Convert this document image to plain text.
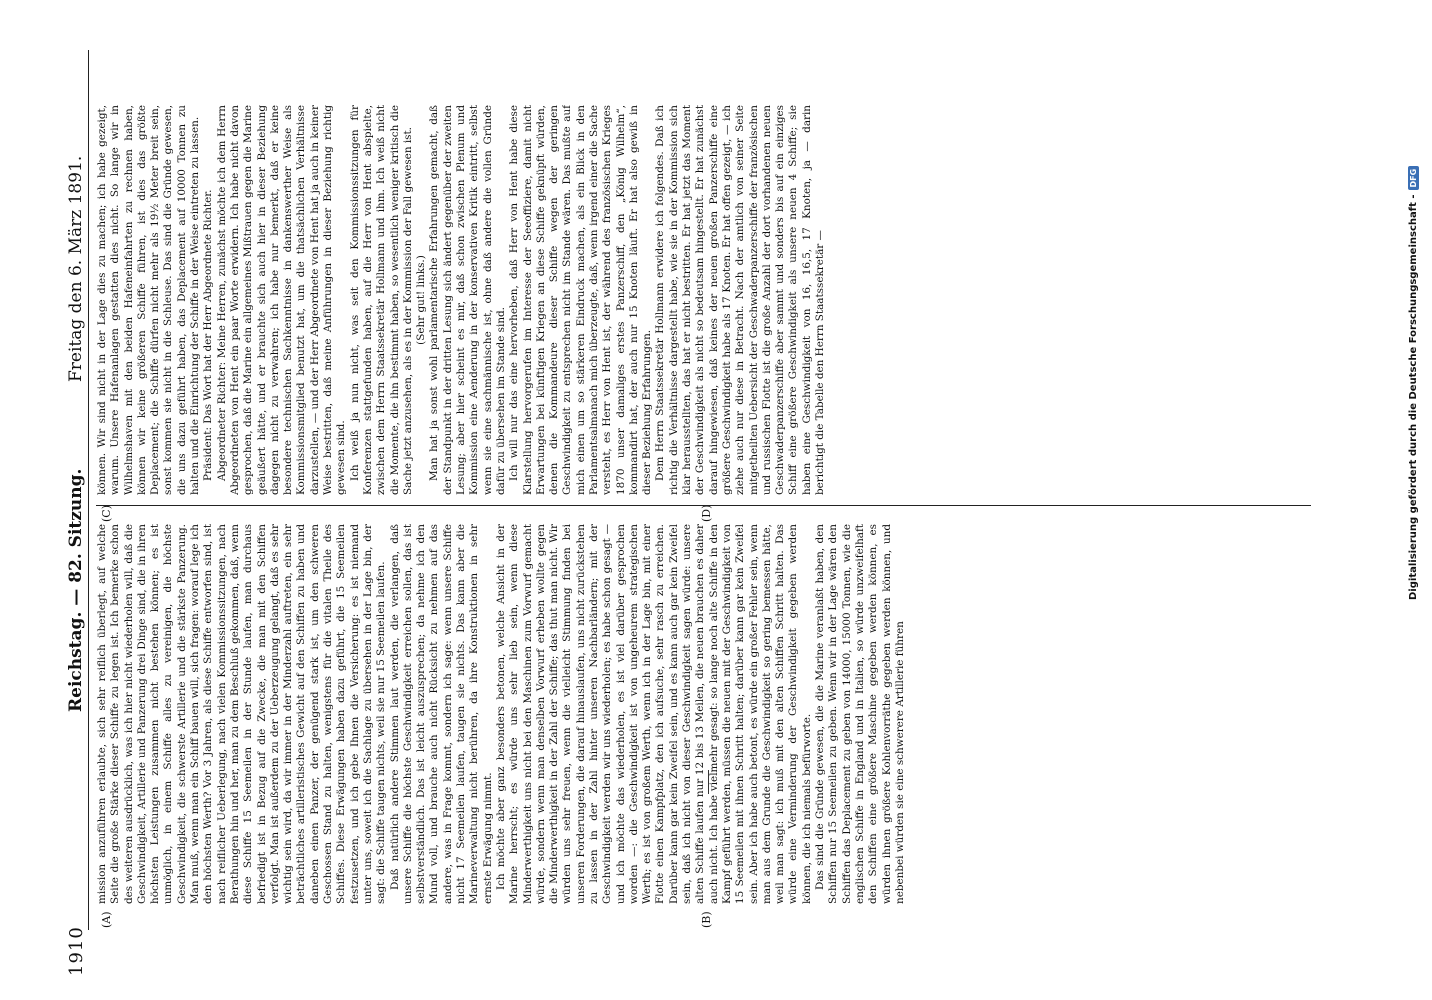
1910
Reichstag. — 82. Sitzung.
Freitag den 6. März 1891.
(A)	(B)
(C)	(D)

mission anzuführen erlaubte, sich sehr reiflich überlegt, auf welche Seite die große Stärke dieser Schiffe zu legen ist. Ich bemerke schon des weiteren ausdrücklich, was ich hier nicht wiederholen will, daß die Geschwindigkeit, Artillerie und Panzerung drei Dinge sind, die in ihren höchsten Leistungen zusammen nicht bestehen können; es ist unmöglich, in einem Schiffe alles zu vereinigen, die höchste Geschwindigkeit, die schwerste Artillerie und die stärkste Panzerung. Man muß, wenn man ein Schiff bauen will, sich fragen: worauf lege ich den höchsten Werth? Vor 3 Jahren, als diese Schiffe entworfen sind, ist nach reiflicher Ueberlegung, nach vielen Kommissionssitzungen, nach Berathungen hin und her, man zu dem Beschluß gekommen, daß, wenn diese Schiffe 15 Seemeilen in der Stunde laufen, man durchaus befriedigt ist in Bezug auf die Zwecke, die man mit den Schiffen verfolgt. Man ist außerdem zu der Ueberzeugung gelangt, daß es sehr wichtig sein wird, da wir immer in der Minderzahl auftreten, ein sehr beträchtliches artilleristisches Gewicht auf den Schiffen zu haben und daneben einen Panzer, der genügend stark ist, um den schweren Geschossen Stand zu halten, wenigstens für die vitalen Theile des Schiffes. Diese Erwägungen haben dazu geführt, die 15 Seemeilen festzusetzen, und ich gebe Ihnen die Versicherung: es ist niemand unter uns, soweit ich die Sachlage zu übersehen in der Lage bin, der sagt: die Schiffe taugen nichts, weil sie nur 15 Seemeilen laufen. Daß natürlich andere Stimmen laut werden, die verlangen, daß unsere Schiffe die höchste Geschwindigkeit erreichen sollen, das ist selbstverständlich. Das ist leicht auszusprechen; da nehme ich den Mund voll, und brauche auch nicht Rücksicht zu nehmen auf das andere, was in Frage kommt, sondern ich sage: wenn unsere Schiffe nicht 17 Seemeilen laufen, taugen sie nichts. Das kann aber die Marineverwaltung nicht berühren, da ihre Konstruktionen in sehr ernste Erwägung nimmt. Ich möchte aber ganz besonders betonen, welche Ansicht in der Marine herrscht; es würde uns sehr lieb sein, wenn diese Minderwerthigkeit uns nicht bei den Maschinen zum Vorwurf gemacht würde, sondern wenn man denselben Vorwurf erheben wollte gegen die Minderwerthigkeit in der Zahl der Schiffe; das thut man nicht. Wir würden uns sehr freuen, wenn die vielleicht Stimmung finden bei unseren Forderungen, die darauf hinauslaufen, uns nicht zurückstehen zu lassen in der Zahl hinter unseren Nachbarländern; mit der Geschwindigkeit werden wir uns wiederholen; es habe schon gesagt — und ich möchte das wiederholen, es ist viel darüber gesprochen worden —: die Geschwindigkeit ist von ungeheurem strategischen Werth; es ist von großem Werth, wenn ich in der Lage bin, mit einer Flotte einen Kampfplatz, den ich aufsuche, sehr rasch zu erreichen. Darüber kann gar kein Zweifel sein, und es kann auch gar kein Zweifel sein, daß ich nicht von dieser Geschwindigkeit sagen würde: unsere alten Schiffe laufen nur 12 bis 13 Meilen, die neuen brauchen es daher auch nicht. Ich habe vielmehr gesagt: so lange noch alte Schiffe in den Kampf geführt werden, müssen die neuen mit der Geschwindigkeit von 15 Seemeilen mit ihnen Schritt halten; darüber kann gar kein Zweifel sein. Aber ich habe auch betont, es würde ein großer Fehler sein, wenn man aus dem Grunde die Geschwindigkeit so gering bemessen hätte, weil man sagt: ich muß mit den alten Schiffen Schritt halten. Das würde eine Verminderung der Geschwindigkeit gegeben werden können, die ich niemals befürworte. Das sind die Gründe gewesen, die die Marine veranlaßt haben, den Schiffen nur 15 Seemeilen zu geben. Wenn wir in der Lage wären den Schiffen das Deplacement zu geben von 14000, 15000 Tonnen, wie die englischen Schiffe in England und in Italien, so würde unzweifelhaft den Schiffen eine größere Maschine gegeben werden können, es würden ihnen größere Kohlenvorräthe gegeben werden können, und nebenbei würden sie eine schwerere Artillerie führen

können. Wir sind nicht in der Lage dies zu machen; ich habe gezeigt, warum. Unsere Hafenanlagen gestatten dies nicht. So lange wir in Wilhelmshaven mit den beiden Hafeneinfahrten zu rechnen haben, können wir keine größeren Schiffe führen, ist dies das größte Deplacement; die Schiffe dürfen nicht mehr als 19½ Meter breit sein, sonst kommen sie nicht in die Schleuse. Das sind die Gründe gewesen, die uns dazu geführt haben, das Deplacement auf 10000 Tonnen zu halten und die Einrichtung der Schiffe in der Weise eintreten zu lassen. Präsident: Das Wort hat der Herr Abgeordnete Richter. Abgeordneter Richter: Meine Herren, zunächst möchte ich dem Herrn Abgeordneten von Hent ein paar Worte erwidern. Ich habe nicht davon gesprochen, daß die Marine ein allgemeines Mißtrauen gegen die Marine geäußert hätte, und er brauchte sich auch hier in dieser Beziehung dagegen nicht zu verwahren; ich habe nur bemerkt, daß er keine besondere technischen Sachkenntnisse in dankenswerther Weise als Kommissionsmitglied benutzt hat, um die thatsächlichen Verhältnisse darzustellen, — und der Herr Abgeordnete von Hent hat ja auch in keiner Weise bestritten, daß meine Anführungen in dieser Beziehung richtig gewesen sind. Ich weiß ja nun nicht, was seit den Kommissionssitzungen für Konferenzen stattgefunden haben, auf die Herr von Hent abspielte, zwischen dem Herrn Staatssekretär Hollmann und ihm. Ich weiß nicht die Momente, die ihn bestimmt haben, so wesentlich weniger kritisch die Sache jetzt anzusehen, als es in der Kommission der Fall gewesen ist. (Sehr gut! links.) Man hat ja sonst wohl parlamentarische Erfahrungen gemacht, daß der Standpunkt in der dritten Lesung sich ändert gegenüber der zweiten Lesung; aber hier scheint es mir, daß schon zwischen Plenum und Kommission eine Aenderung in der konservativen Kritik eintritt, selbst wenn sie eine sachmännische ist, ohne daß andere die vollen Gründe dafür zu übersehen im Stande sind. Ich will nur das eine hervorheben, daß Herr von Hent habe diese Klarstellung hervorgerufen im Interesse der Seeoffiziere, damit nicht Erwartungen bei künftigen Kriegen an diese Schiffe geknüpft würden, denen die Kommandeure dieser Schiffe wegen der geringen Geschwindigkeit zu entsprechen nicht im Stande wären. Das mußte auf mich einen um so stärkeren Eindruck machen, als ein Blick in den Parlamentsalmanach mich überzeugte, daß, wenn irgend einer die Sache versteht, es Herr von Hent ist, der während des französischen Krieges 1870 unser damaliges erstes Panzerschiff, den „König Wilhelm“, kommandirt hat, der auch nur 15 Knoten läuft. Er hat also gewiß in dieser Beziehung Erfahrungen. Dem Herrn Staatssekretär Hollmann erwidere ich folgendes. Daß ich richtig die Verhältnisse dargestellt habe, wie sie in der Kommission sich klar herausstellten, das hat er nicht bestritten. Er hat jetzt das Moment der Geschwindigkeit als nicht so bedeutsam hingestellt. Er hat zunächst darauf hingewiesen, daß keines der neuen großen Panzerschiffe eine größere Geschwindigkeit habe als 17 Knoten. Er hat offen gezeigt, — ich ziehe auch nur diese in Betracht. Nach der amtlich von seiner Seite mitgetheilten Uebersicht der Geschwaderpanzerschiffe der französischen und russischen Flotte ist die große Anzahl der dort vorhandenen neuen Geschwaderpanzerschiffe aber sammt und sonders bis auf ein einziges Schiff eine größere Geschwindigkeit als unsere neuen 4 Schiffe; sie haben eine Geschwindigkeit von 16, 16,5, 17 Knoten, ja — darin berichtigt die Tabelle den Herrn Staatssekretär —	Digitalisierung gefördert durch die Deutsche Forschungsgemeinschaft -DFG
